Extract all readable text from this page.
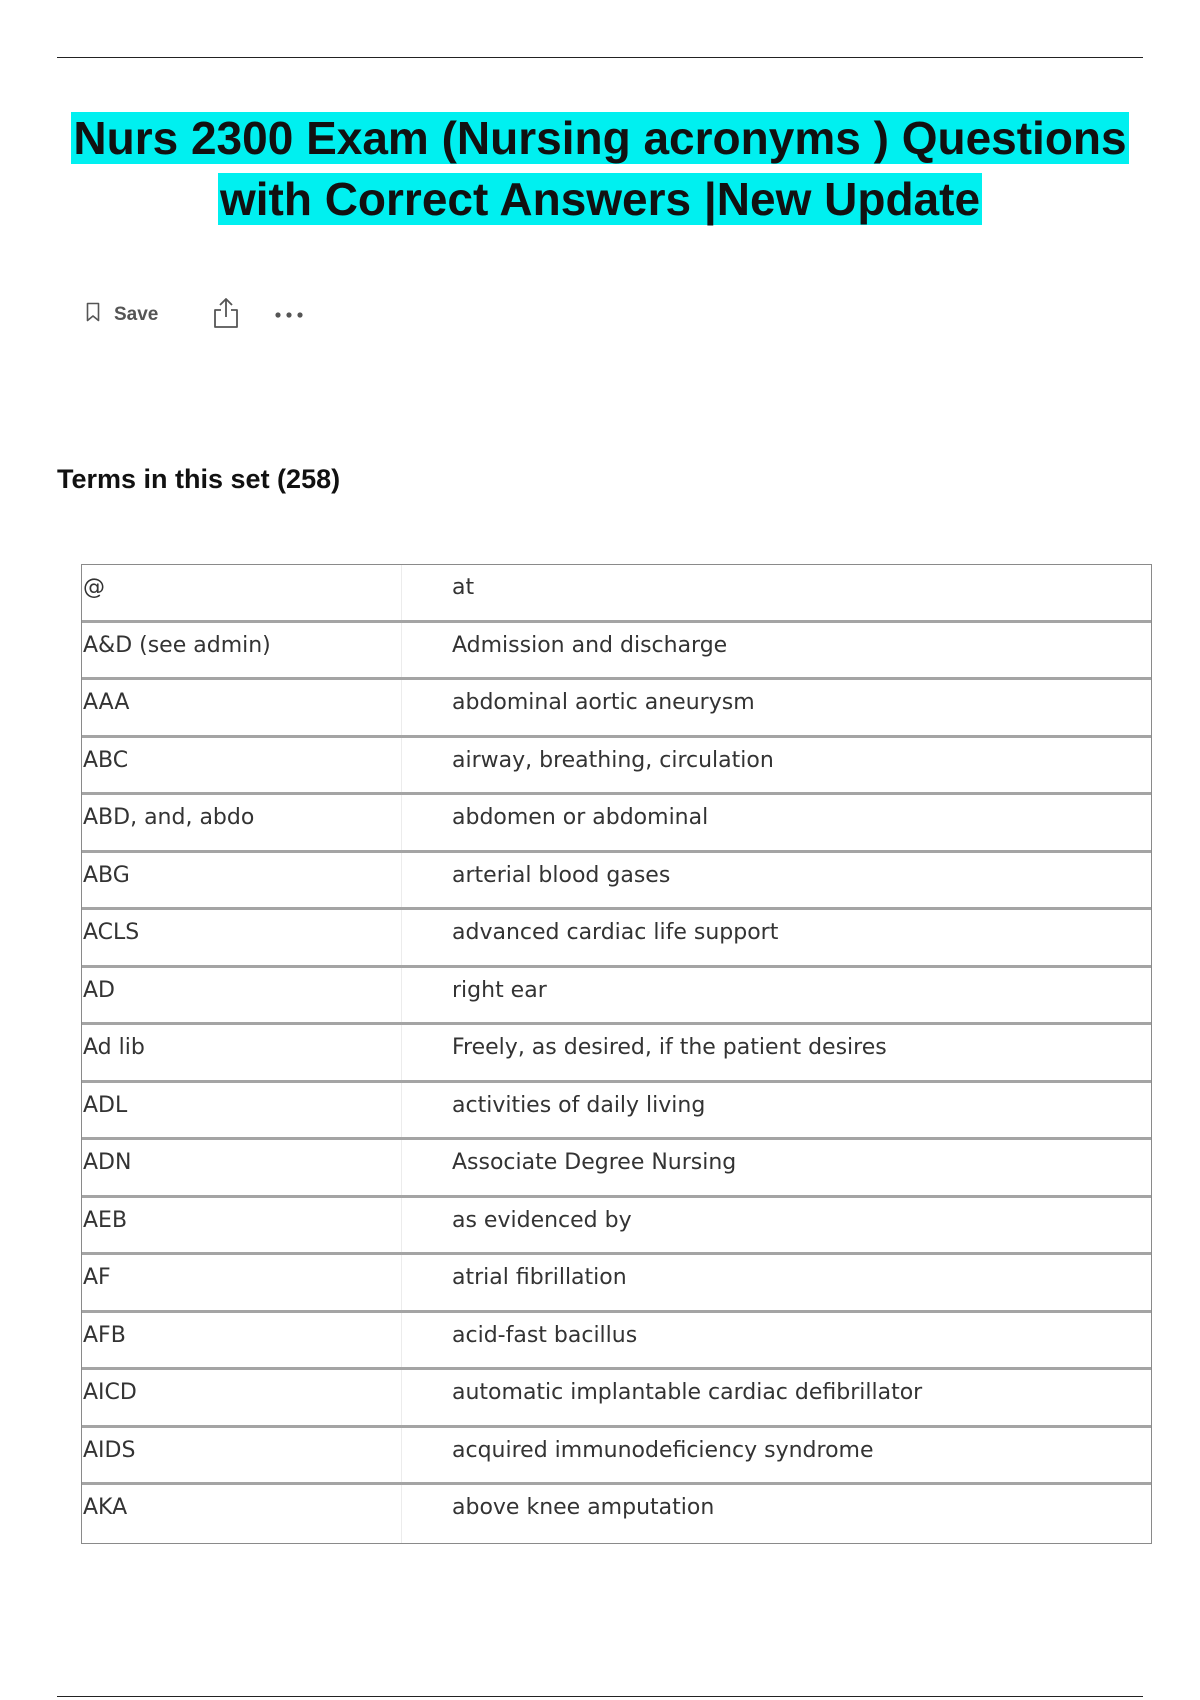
Nurs 2300 Exam (Nursing acronyms ) Questions
with Correct Answers |New Update
Save
Terms in this set (258)
@	at
A&D (see admin)	Admission and discharge
AAA	abdominal aortic aneurysm
ABC	airway, breathing, circulation
ABD, and, abdo	abdomen or abdominal
ABG	arterial blood gases
ACLS	advanced cardiac life support
AD	right ear
Ad lib	Freely, as desired, if the patient desires
ADL	activities of daily living
ADN	Associate Degree Nursing
AEB	as evidenced by
AF	atrial fibrillation
AFB	acid-fast bacillus
AICD	automatic implantable cardiac defibrillator
AIDS	acquired immunodeficiency syndrome
AKA	above knee amputation
